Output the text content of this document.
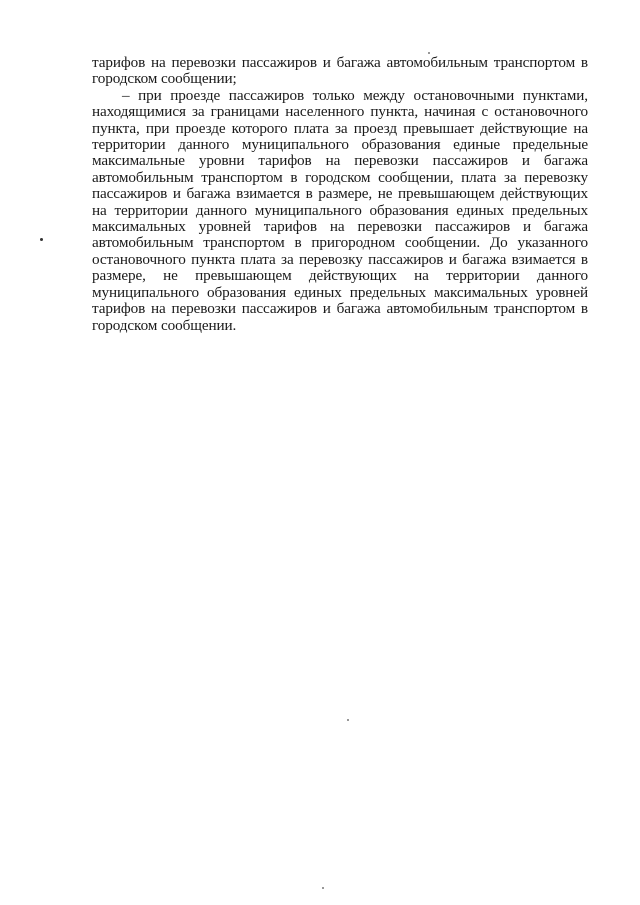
тарифов на перевозки пассажиров и багажа автомобильным транспортом в городском сообщении;

– при проезде пассажиров только между остановочными пунктами, находящимися за границами населенного пункта, начиная с остановочного пункта, при проезде которого плата за проезд превышает действующие на территории данного муниципального образования единые предельные максимальные уровни тарифов на перевозки пассажиров и багажа автомобильным транспортом в городском сообщении, плата за перевозку пассажиров и багажа взимается в размере, не превышающем действующих на территории данного муниципального образования единых предельных максимальных уровней тарифов на перевозки пассажиров и багажа автомобильным транспортом в пригородном сообщении. До указанного остановочного пункта плата за перевозку пассажиров и багажа взимается в размере, не превышающем действующих на территории данного муниципального образования единых предельных максимальных уровней тарифов на перевозки пассажиров и багажа автомобильным транспортом в городском сообщении.
